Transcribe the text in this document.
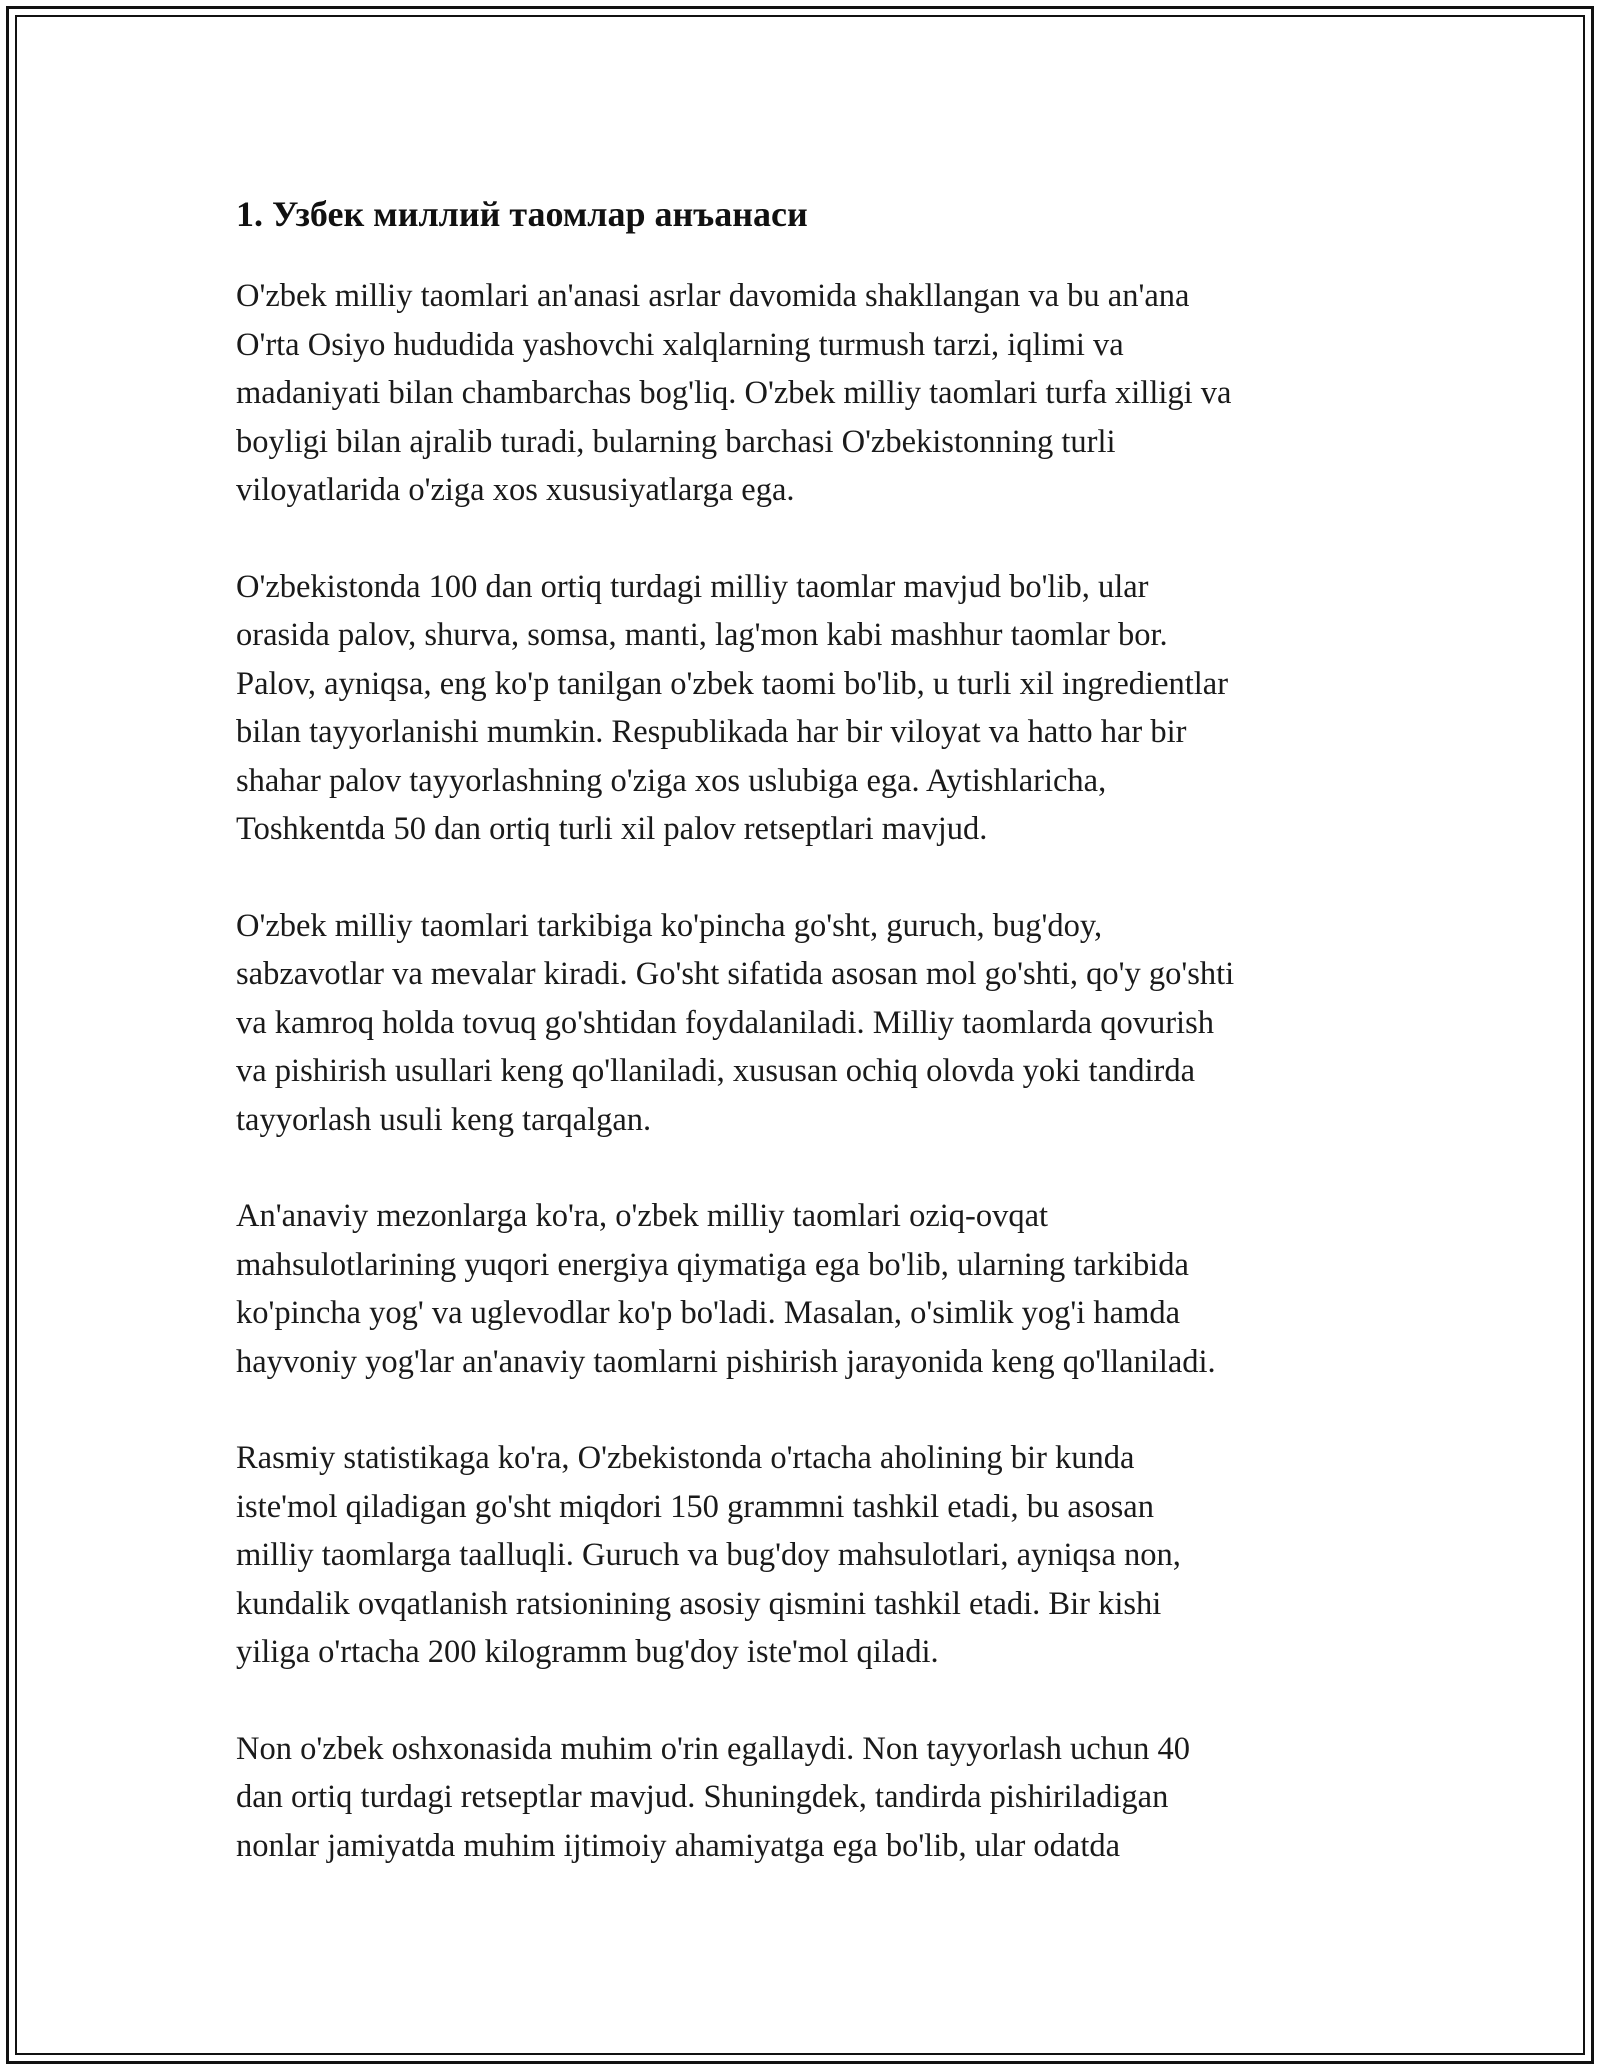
1. Узбек миллий таомлар анъанаси

O'zbek milliy taomlari an'anasi asrlar davomida shakllangan va bu an'ana
O'rta Osiyo hududida yashovchi xalqlarning turmush tarzi, iqlimi va
madaniyati bilan chambarchas bog'liq. O'zbek milliy taomlari turfa xilligi va
boyligi bilan ajralib turadi, bularning barchasi O'zbekistonning turli
viloyatlarida o'ziga xos xususiyatlarga ega.

O'zbekistonda 100 dan ortiq turdagi milliy taomlar mavjud bo'lib, ular
orasida palov, shurva, somsa, manti, lag'mon kabi mashhur taomlar bor.
Palov, ayniqsa, eng ko'p tanilgan o'zbek taomi bo'lib, u turli xil ingredientlar
bilan tayyorlanishi mumkin. Respublikada har bir viloyat va hatto har bir
shahar palov tayyorlashning o'ziga xos uslubiga ega. Aytishlaricha,
Toshkentda 50 dan ortiq turli xil palov retseptlari mavjud.

O'zbek milliy taomlari tarkibiga ko'pincha go'sht, guruch, bug'doy,
sabzavotlar va mevalar kiradi. Go'sht sifatida asosan mol go'shti, qo'y go'shti
va kamroq holda tovuq go'shtidan foydalaniladi. Milliy taomlarda qovurish
va pishirish usullari keng qo'llaniladi, xususan ochiq olovda yoki tandirda
tayyorlash usuli keng tarqalgan.

An'anaviy mezonlarga ko'ra, o'zbek milliy taomlari oziq-ovqat
mahsulotlarining yuqori energiya qiymatiga ega bo'lib, ularning tarkibida
ko'pincha yog' va uglevodlar ko'p bo'ladi. Masalan, o'simlik yog'i hamda
hayvoniy yog'lar an'anaviy taomlarni pishirish jarayonida keng qo'llaniladi.

Rasmiy statistikaga ko'ra, O'zbekistonda o'rtacha aholining bir kunda
iste'mol qiladigan go'sht miqdori 150 grammni tashkil etadi, bu asosan
milliy taomlarga taalluqli. Guruch va bug'doy mahsulotlari, ayniqsa non,
kundalik ovqatlanish ratsionining asosiy qismini tashkil etadi. Bir kishi
yiliga o'rtacha 200 kilogramm bug'doy iste'mol qiladi.

Non o'zbek oshxonasida muhim o'rin egallaydi. Non tayyorlash uchun 40
dan ortiq turdagi retseptlar mavjud. Shuningdek, tandirda pishiriladigan
nonlar jamiyatda muhim ijtimoiy ahamiyatga ega bo'lib, ular odatda
